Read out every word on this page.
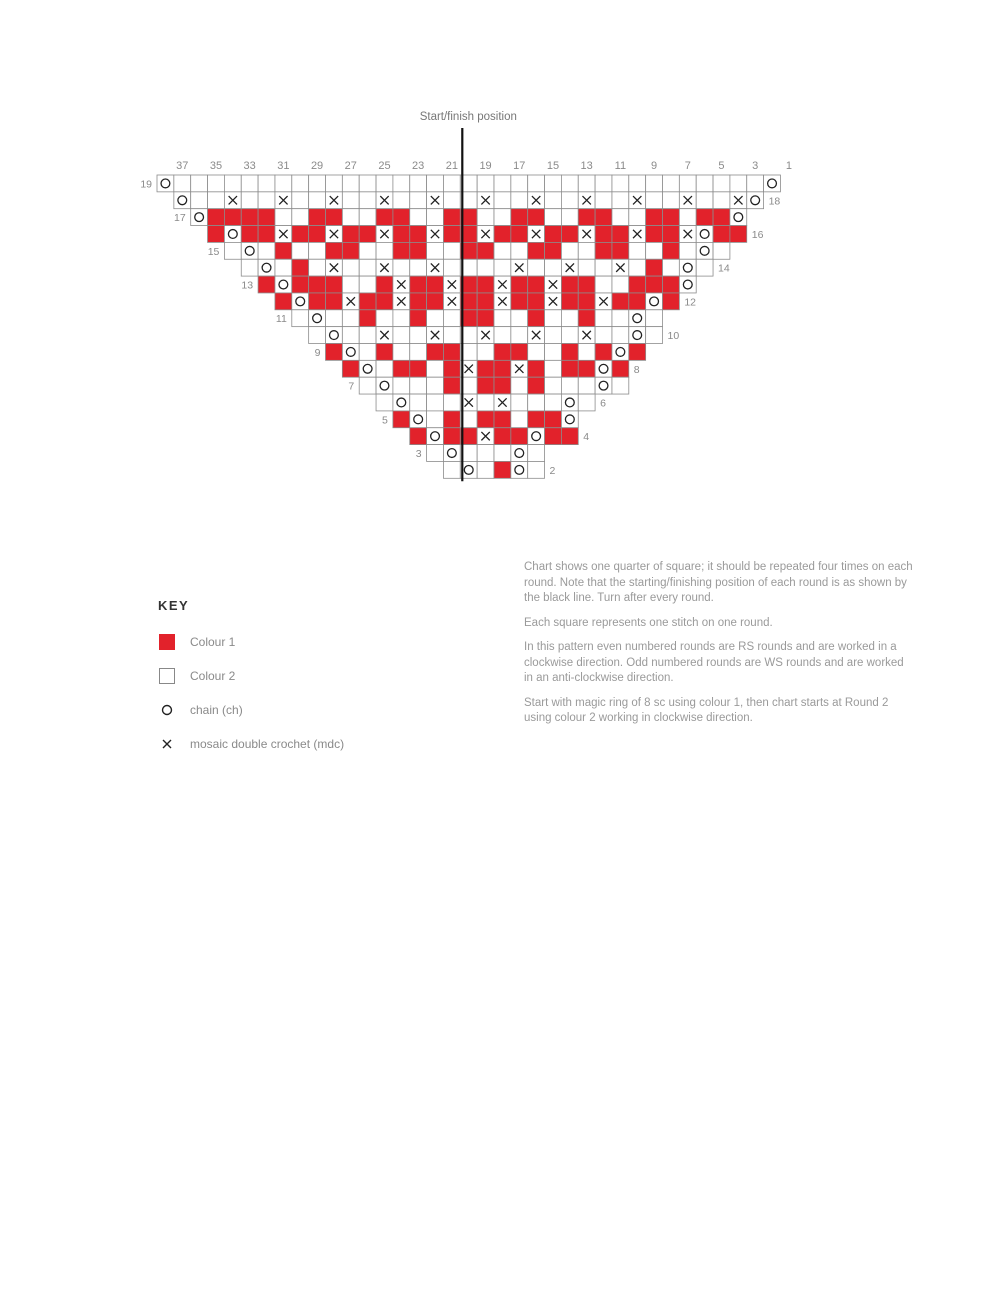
37 35 33 31 29 27 25 23 21 19 17 15 13 11 9	7	5	3	1
19
18
17
16
15
14
13
12
11
10
9
8
7
6
5
4
3
2
Start/finish position
KEY
Colour 1
Colour 2
chain (ch)
mosaic double crochet (mdc)

Chart shows one quarter of square; it should be repeated four times on each round. Note that the starting/finishing position of each round is as shown by the black line. Turn after every round.

Each square represents one stitch on one round.

In this pattern even numbered rounds are RS rounds and are worked in a clockwise direction. Odd numbered rounds are WS rounds and are worked in an anti-clockwise direction.

Start with magic ring of 8 sc using colour 1, then chart starts at Round 2 using colour 2 working in clockwise direction.
